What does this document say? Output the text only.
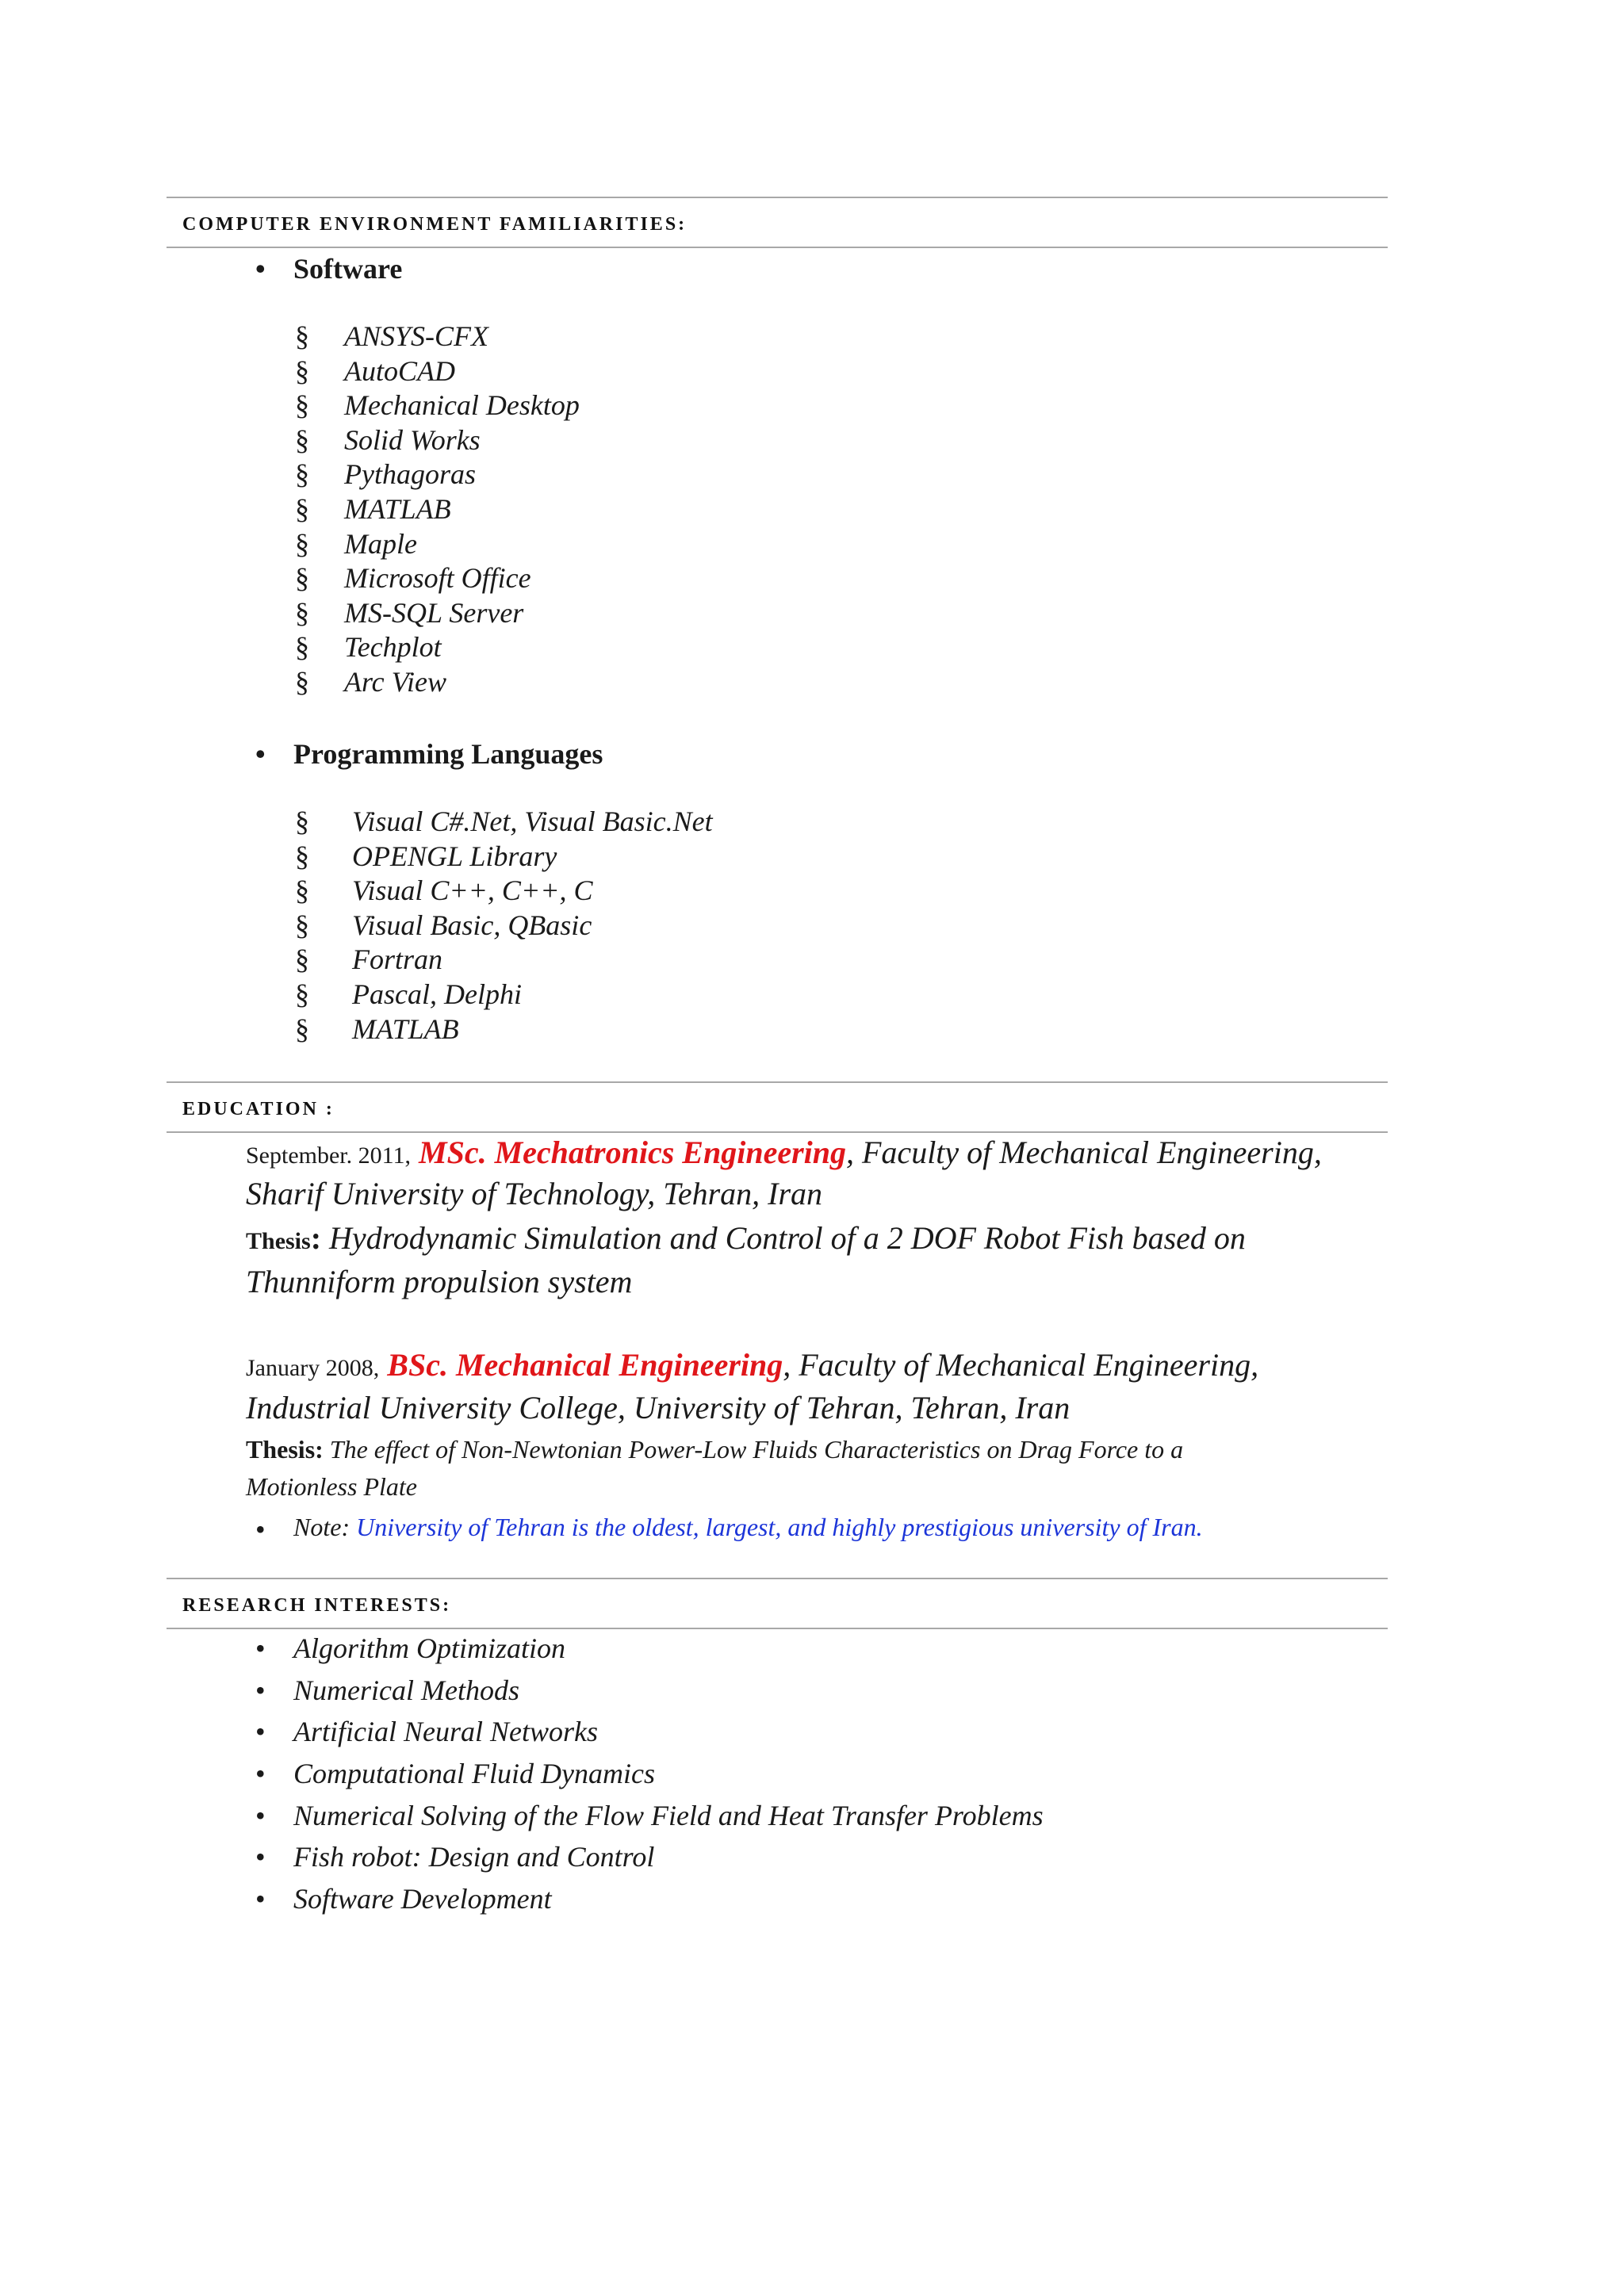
COMPUTER ENVIRONMENT FAMILIARITIES:
• Software
§ ANSYS-CFX
§ AutoCAD
§ Mechanical Desktop
§ Solid Works
§ Pythagoras
§ MATLAB
§ Maple
§ Microsoft Office
§ MS-SQL Server
§ Techplot
§ Arc View
• Programming Languages
§ Visual C#.Net, Visual Basic.Net
§ OPENGL Library
§ Visual C++, C++, C
§ Visual Basic, QBasic
§ Fortran
§ Pascal, Delphi
§ MATLAB
EDUCATION :
September. 2011, MSc. Mechatronics Engineering, Faculty of Mechanical Engineering,
Sharif University of Technology, Tehran, Iran
Thesis: Hydrodynamic Simulation and Control of a 2 DOF Robot Fish based on
Thunniform propulsion system
January 2008, BSc. Mechanical Engineering, Faculty of Mechanical Engineering,
Industrial University College, University of Tehran, Tehran, Iran
Thesis: The effect of Non-Newtonian Power-Low Fluids Characteristics on Drag Force to a
Motionless Plate
• Note: University of Tehran is the oldest, largest, and highly prestigious university of Iran.
RESEARCH INTERESTS:
• Algorithm Optimization
• Numerical Methods
• Artificial Neural Networks
• Computational Fluid Dynamics
• Numerical Solving of the Flow Field and Heat Transfer Problems
• Fish robot: Design and Control
• Software Development
